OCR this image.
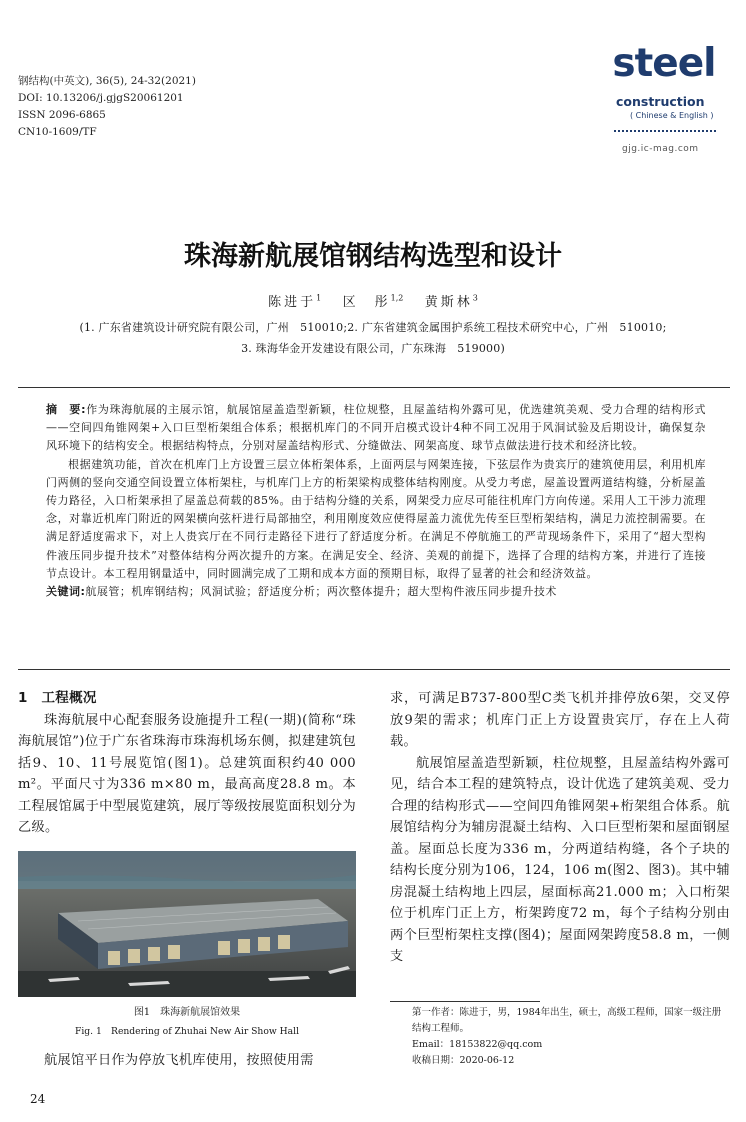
钢结构(中英文), 36(5), 24-32(2021)
DOI: 10.13206/j.gjgS20061201
ISSN 2096-6865
CN10-1609/TF
steel
construction
( Chinese & English )
gjg.ic-mag.com
珠海新航展馆钢结构选型和设计
陈进于$^1$ 区　彤$^{1,2}$ 黄斯林$^3$
(1. 广东省建筑设计研究院有限公司，广州　510010;2. 广东省建筑金属围护系统工程技术研究中心，广州　510010;
3. 珠海华金开发建设有限公司，广东珠海　519000)

摘　要:作为珠海航展的主展示馆，航展馆屋盖造型新颖，柱位规整，且屋盖结构外露可见，优选建筑美观、受力合理的结构形式——空间四角锥网架+入口巨型桁架组合体系；根据机库门的不同开启模式设计4种不同工况用于风洞试验及后期设计，确保复杂风环境下的结构安全。根据结构特点，分别对屋盖结构形式、分缝做法、网架高度、球节点做法进行技术和经济比较。

根据建筑功能，首次在机库门上方设置三层立体桁架体系，上面两层与网架连接，下弦层作为贵宾厅的建筑使用层，利用机库门两侧的竖向交通空间设置立体桁架柱，与机库门上方的桁架梁构成整体结构刚度。从受力考虑，屋盖设置两道结构缝，分析屋盖传力路径，入口桁架承担了屋盖总荷载的85%。由于结构分缝的关系，网架受力应尽可能往机库门方向传递。采用人工干涉力流理念，对靠近机库门附近的网架横向弦杆进行局部抽空，利用刚度效应使得屋盖力流优先传至巨型桁架结构，满足力流控制需要。在满足舒适度需求下，对上人贵宾厅在不同行走路径下进行了舒适度分析。在满足不停航施工的严苛现场条件下，采用了“超大型构件液压同步提升技术”对整体结构分两次提升的方案。在满足安全、经济、美观的前提下，选择了合理的结构方案，并进行了连接节点设计。本工程用钢量适中，同时圆满完成了工期和成本方面的预期目标，取得了显著的社会和经济效益。

关键词:航展管；机库钢结构；风洞试验；舒适度分析；两次整体提升；超大型构件液压同步提升技术

1　工程概况

珠海航展中心配套服务设施提升工程(一期)(简称“珠海航展馆”)位于广东省珠海市珠海机场东侧，拟建建筑包括9、10、11号展览馆(图1)。总建筑面积约40 000 m²。平面尺寸为336 m×80 m，最高高度28.8 m。本工程展馆属于中型展览建筑，展厅等级按展览面积划分为乙级。

图1　珠海新航展馆效果
Fig. 1　Rendering of Zhuhai New Air Show Hall
航展馆平日作为停放飞机库使用，按照使用需

求，可满足B737-800型C类飞机并排停放6架，交叉停放9架的需求；机库门正上方设置贵宾厅，存在上人荷载。

航展馆屋盖造型新颖，柱位规整，且屋盖结构外露可见，结合本工程的建筑特点，设计优选了建筑美观、受力合理的结构形式——空间四角锥网架+桁架组合体系。航展馆结构分为辅房混凝土结构、入口巨型桁架和屋面钢屋盖。屋面总长度为336 m，分两道结构缝，各个子块的结构长度分别为106，124，106 m(图2、图3)。其中辅房混凝土结构地上四层，屋面标高21.000 m；入口桁架位于机库门正上方，桁架跨度72 m，每个子结构分别由两个巨型桁架柱支撑(图4)；屋面网架跨度58.8 m，一侧支

第一作者：陈进于，男，1984年出生，硕士，高级工程师，国家一级注册结构工程师。

Email：18153822@qq.com

收稿日期：2020-06-12

24
